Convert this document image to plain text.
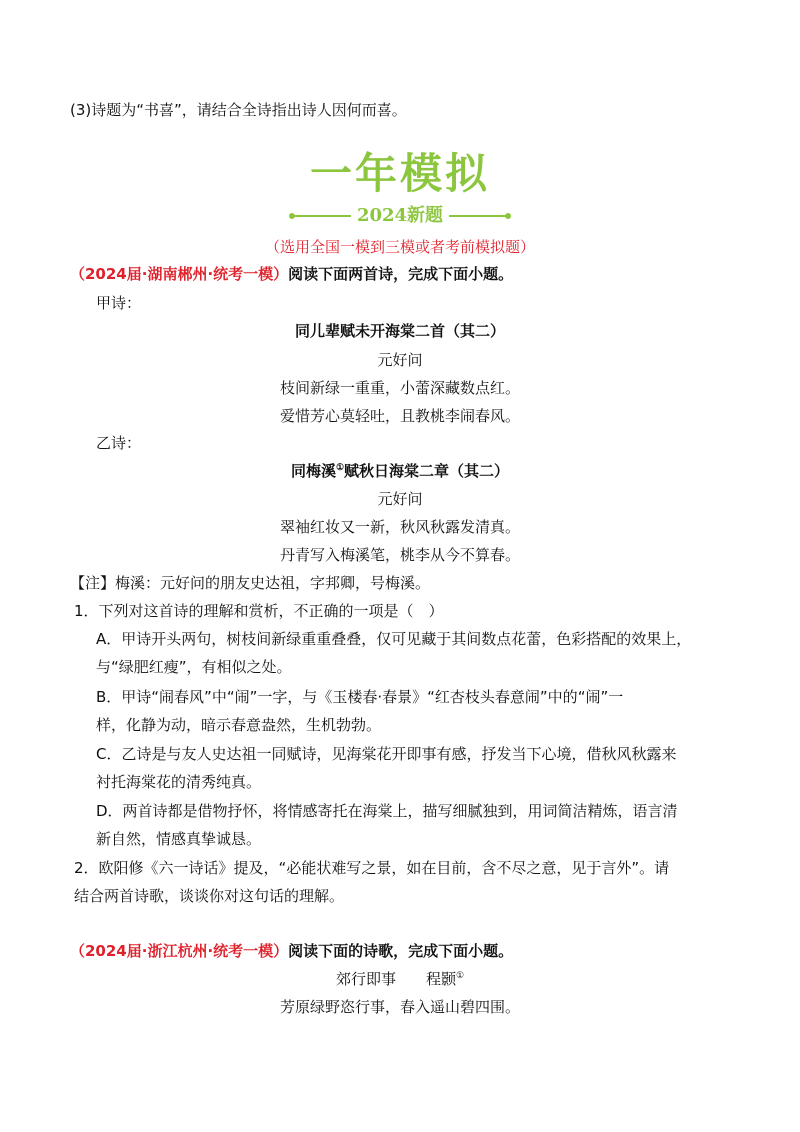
(3)诗题为“书喜”，请结合全诗指出诗人因何而喜。
一年模拟
2024新题
（选用全国一模到三模或者考前模拟题）
（2024届·湖南郴州·统考一模）阅读下面两首诗，完成下面小题。
甲诗：
同儿辈赋未开海棠二首（其二）
元好问
枝间新绿一重重，小蕾深藏数点红。
爱惜芳心莫轻吐，且教桃李闹春风。
乙诗：
同梅溪①赋秋日海棠二章（其二）
元好问
翠袖红妆又一新，秋风秋露发清真。
丹青写入梅溪笔，桃李从今不算春。
【注】梅溪：元好问的朋友史达祖，字邦卿，号梅溪。
1．下列对这首诗的理解和赏析，不正确的一项是（　）
A．甲诗开头两句，树枝间新绿重重叠叠，仅可见藏于其间数点花蕾，色彩搭配的效果上，
与“绿肥红瘦”，有相似之处。
B．甲诗“闹春风”中“闹”一字，与《玉楼春·春景》“红杏枝头春意闹”中的“闹”一
样，化静为动，暗示春意盎然，生机勃勃。
C．乙诗是与友人史达祖一同赋诗，见海棠花开即事有感，抒发当下心境，借秋风秋露来
衬托海棠花的清秀纯真。
D．两首诗都是借物抒怀，将情感寄托在海棠上，描写细腻独到，用词简洁精炼，语言清
新自然，情感真挚诚恳。
2．欧阳修《六一诗话》提及，“必能状难写之景，如在目前，含不尽之意，见于言外”。请
结合两首诗歌，谈谈你对这句话的理解。
（2024届·浙江杭州·统考一模）阅读下面的诗歌，完成下面小题。
郊行即事　　 程颢①
芳原绿野恣行事，春入遥山碧四围。
